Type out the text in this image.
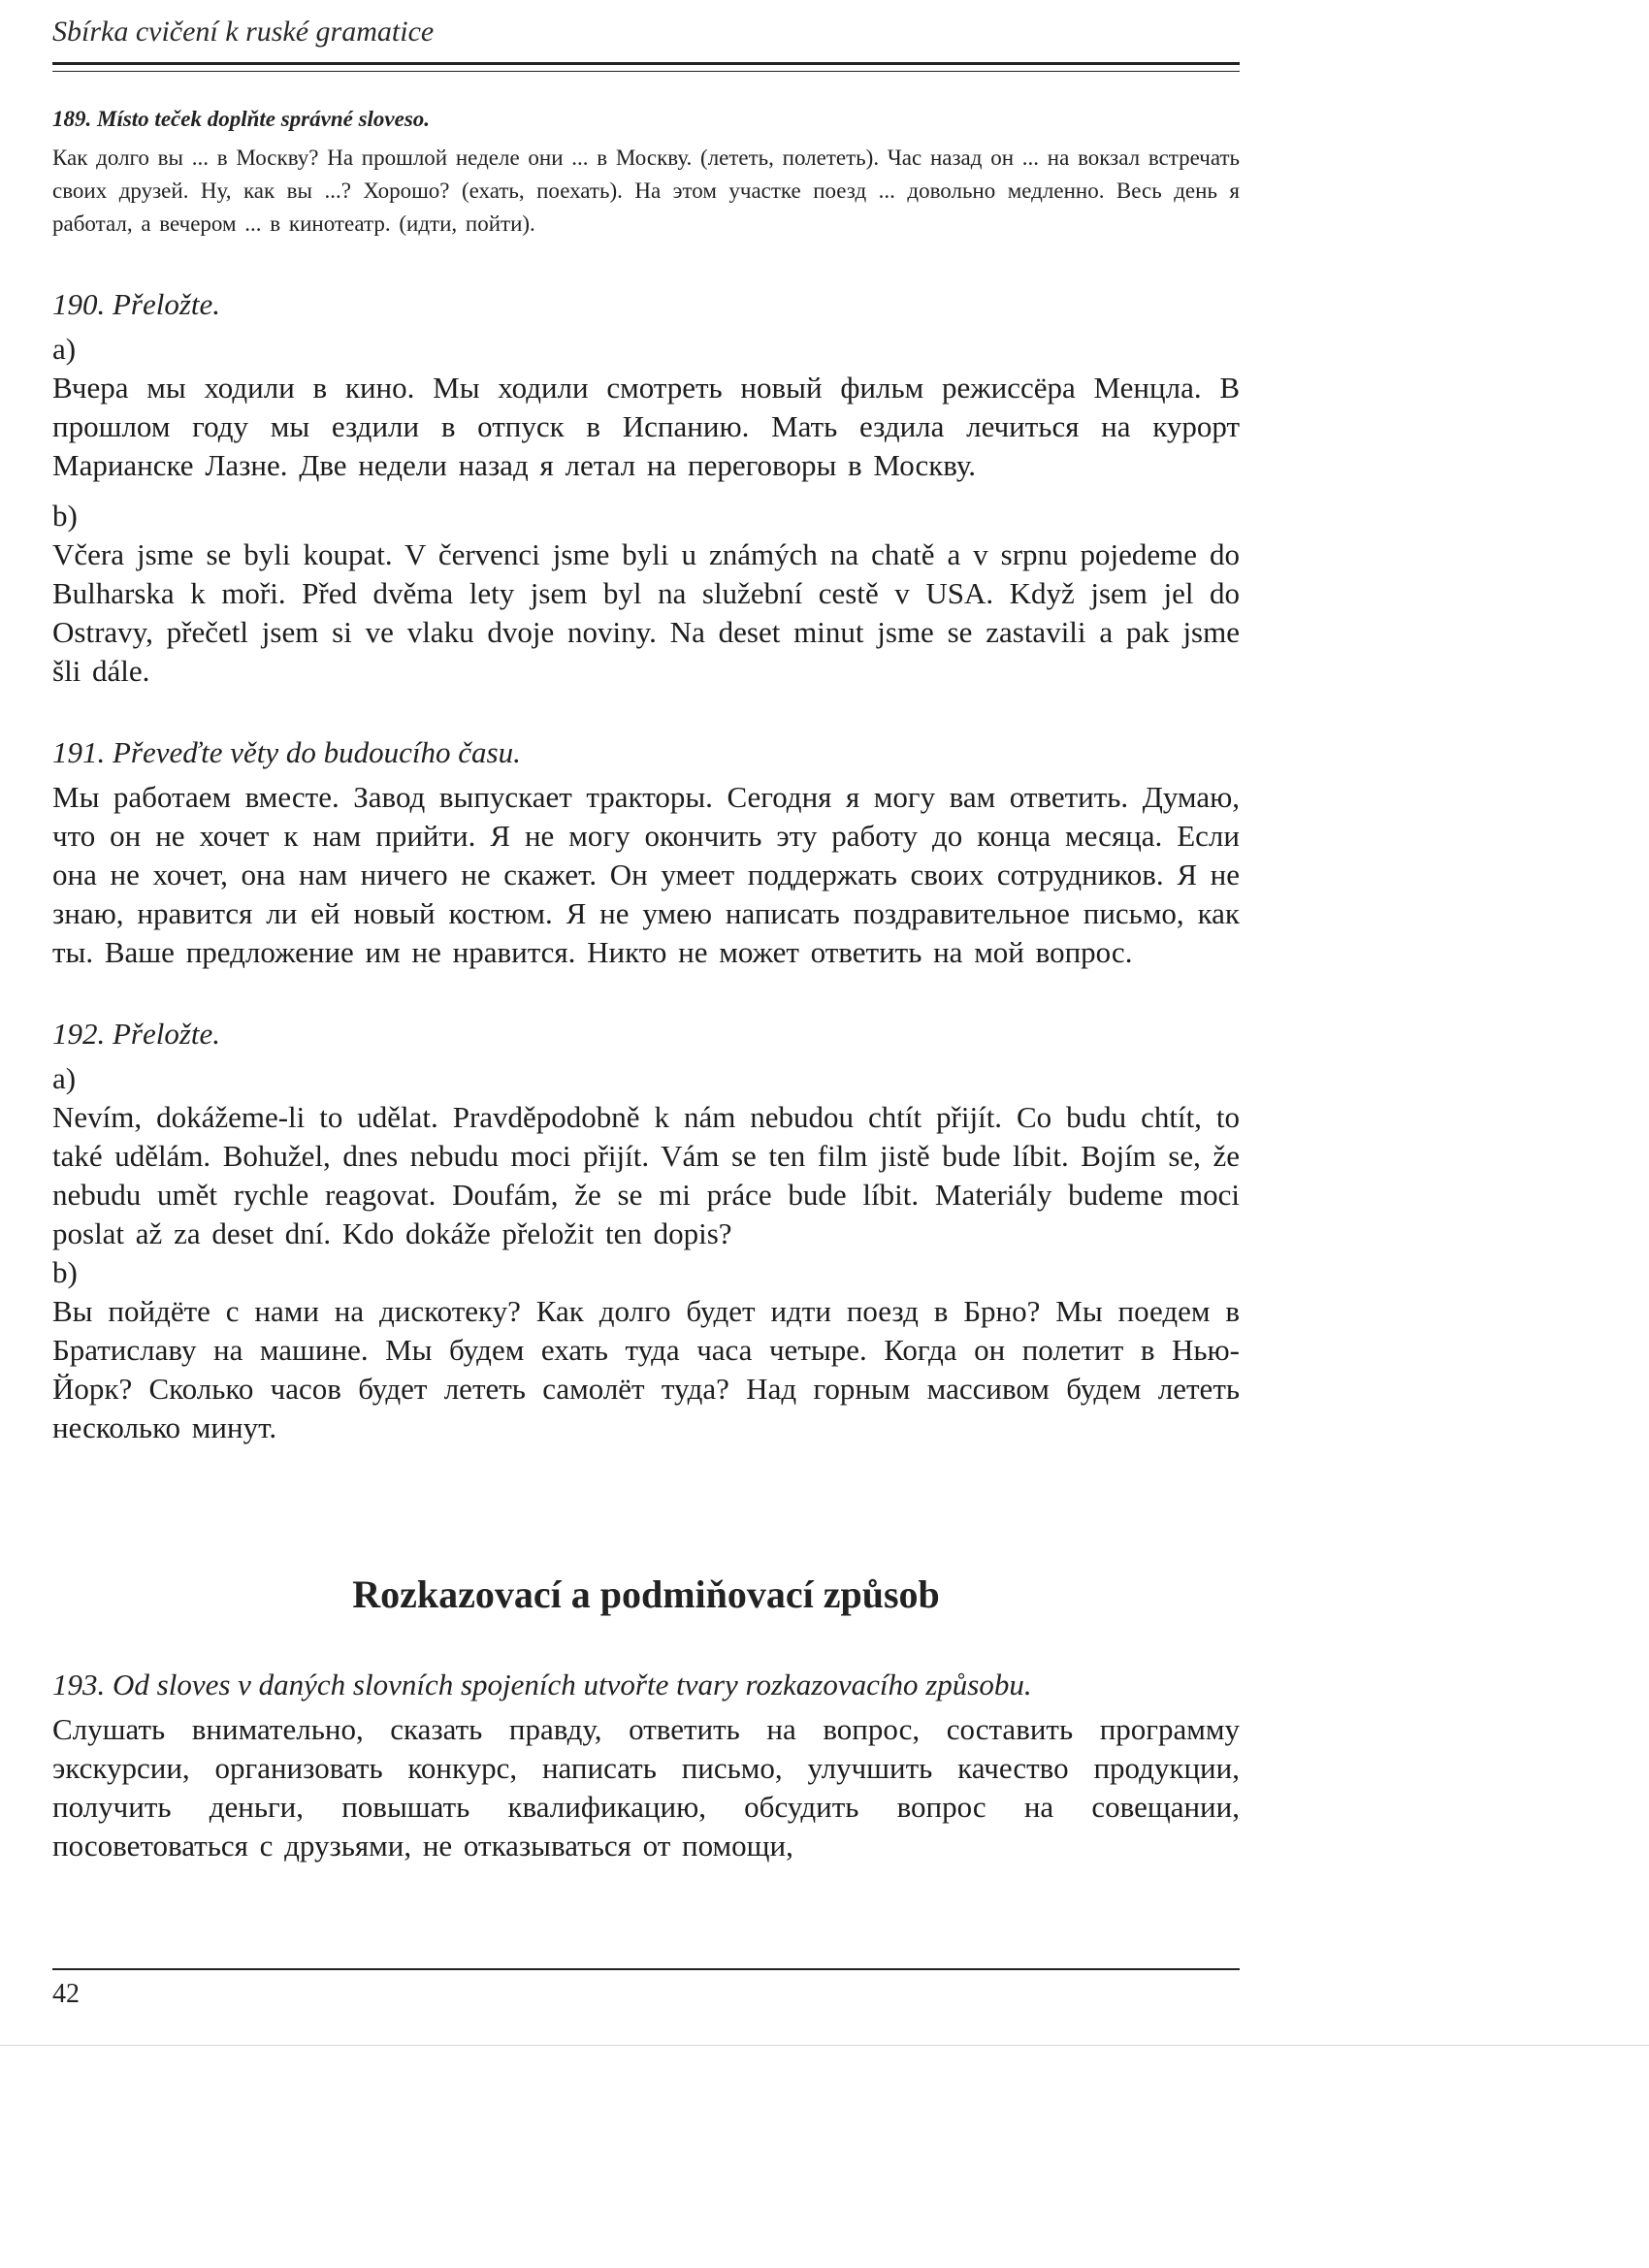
Sbírka cvičení k ruské gramatice

189. Místo teček doplňte správné sloveso.

Как долго вы ... в Москву? На прошлой неделе они ... в Москву. (лететь, полететь). Час назад он ... на вокзал встречать своих друзей. Ну, как вы ...? Хорошо? (ехать, поехать). На этом участке поезд ... довольно медленно. Весь день я работал, а вечером ... в кинотеатр. (идти, пойти).

190. Přeložte.

a)

Вчера мы ходили в кино. Мы ходили смотреть новый фильм режиссёра Менцла. В прошлом году мы ездили в отпуск в Испанию. Мать ездила лечиться на курорт Марианске Лазне. Две недели назад я летал на переговоры в Москву.

b)

Včera jsme se byli koupat. V červenci jsme byli u známých na chatě a v srpnu pojedeme do Bulharska k moři. Před dvěma lety jsem byl na služební cestě v USA. Když jsem jel do Ostravy, přečetl jsem si ve vlaku dvoje noviny. Na deset minut jsme se zastavili a pak jsme šli dále.

191. Převeďte věty do budoucího času.

Мы работаем вместе. Завод выпускает тракторы. Сегодня я могу вам ответить. Думаю, что он не хочет к нам прийти. Я не могу окончить эту работу до конца месяца. Если она не хочет, она нам ничего не скажет. Он умеет поддержать своих сотрудников. Я не знаю, нравится ли ей новый костюм. Я не умею написать поздравительное письмо, как ты. Ваше предложение им не нравится. Никто не может ответить на мой вопрос.

192. Přeložte.

a)

Nevím, dokážeme-li to udělat. Pravděpodobně k nám nebudou chtít přijít. Co budu chtít, to také udělám. Bohužel, dnes nebudu moci přijít. Vám se ten film jistě bude líbit. Bojím se, že nebudu umět rychle reagovat. Doufám, že se mi práce bude líbit. Materiály budeme moci poslat až za deset dní. Kdo dokáže přeložit ten dopis?

b)

Вы пойдёте с нами на дискотеку? Как долго будет идти поезд в Брно? Мы поедем в Братиславу на машине. Мы будем ехать туда часа четыре. Когда он полетит в Нью-Йорк? Сколько часов будет лететь самолёт туда? Над горным массивом будем лететь несколько минут.

Rozkazovací a podmiňovací způsob

193. Od sloves v daných slovních spojeních utvořte tvary rozkazovacího způsobu.

Слушать внимательно, сказать правду, ответить на вопрос, составить программу экскурсии, организовать конкурс, написать письмо, улучшить качество продукции, получить деньги, повышать квалификацию, обсудить вопрос на совещании, посоветоваться с друзьями, не отказываться от помощи,

42
